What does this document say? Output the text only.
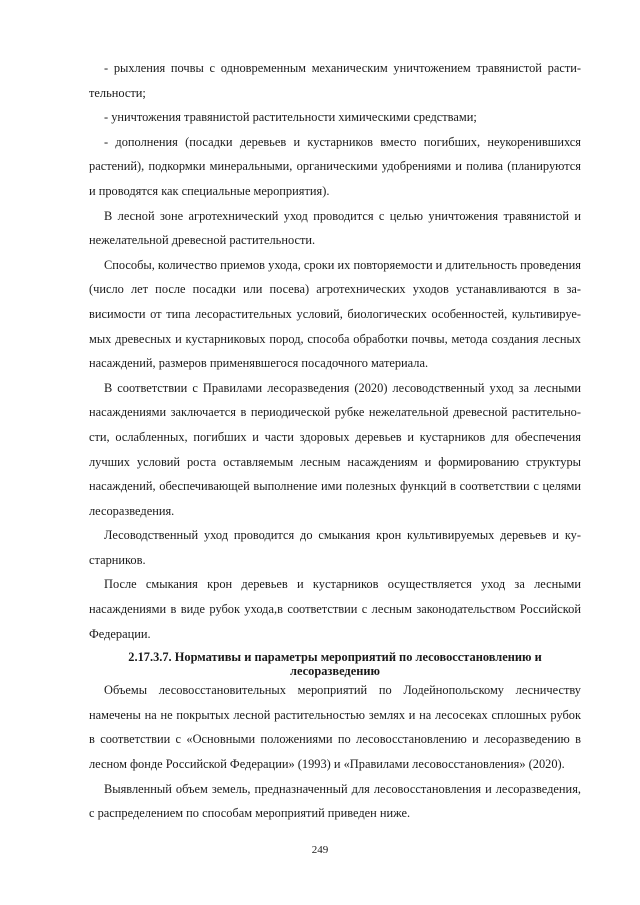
- рыхления почвы с одновременным механическим уничтожением травянистой растительности;

- уничтожения травянистой растительности химическими средствами;

- дополнения (посадки деревьев и кустарников вместо погибших, неукоренившихся растений), подкормки минеральными, органическими удобрениями и полива (планируются и проводятся как специальные мероприятия).

В лесной зоне агротехнический уход проводится с целью уничтожения травянистой и нежелательной древесной растительности.

Способы, количество приемов ухода, сроки их повторяемости и длительность проведения (число лет после посадки или посева) агротехнических уходов устанавливаются в зависимости от типа лесорастительных условий, биологических особенностей, культивируемых древесных и кустарниковых пород, способа обработки почвы, метода создания лесных насаждений, размеров применявшегося посадочного материала.

В соответствии с Правилами лесоразведения (2020) лесоводственный уход за лесными насаждениями заключается в периодической рубке нежелательной древесной растительности, ослабленных, погибших и части здоровых деревьев и кустарников для обеспечения лучших условий роста оставляемым лесным насаждениям и формированию структуры насаждений, обеспечивающей выполнение ими полезных функций в соответствии с целями лесоразведения.

Лесоводственный уход проводится до смыкания крон культивируемых деревьев и кустарников.

После смыкания крон деревьев и кустарников осуществляется уход за лесными насаждениями в виде рубок ухода,в соответствии с лесным законодательством Российской Федерации.

2.17.3.7. Нормативы и параметры мероприятий по лесовосстановлению и
лесоразведению

Объемы лесовосстановительных мероприятий по Лодейнопольскому лесничеству намечены на не покрытых лесной растительностью землях и на лесосеках сплошных рубок в соответствии с «Основными положениями по лесовосстановлению и лесоразведению в лесном фонде Российской Федерации» (1993) и «Правилами лесовосстановления» (2020).

Выявленный объем земель, предназначенный для лесовосстановления и лесоразведения, с распределением по способам мероприятий приведен ниже.

249
